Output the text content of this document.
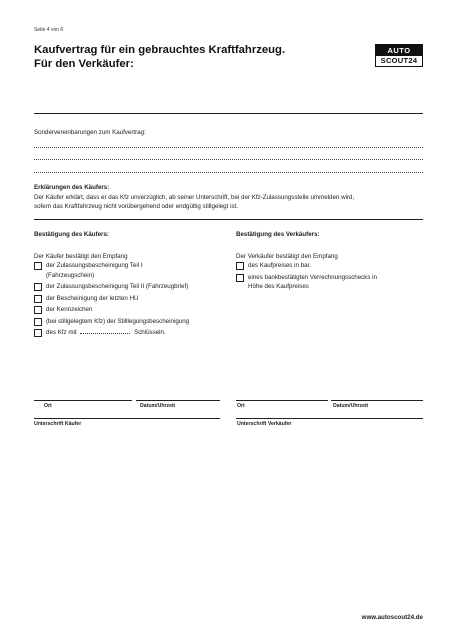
Seite 4 von 6
Kaufvertrag für ein gebrauchtes Kraftfahrzeug.
Für den Verkäufer:
AUTO
SCOUT24
Sondervereinbarungen zum Kaufvertrag:
Erklärungen des Käufers:
Der Käufer erklärt, dass er das Kfz unverzüglich, ab seiner Unterschrift, bei der Kfz-Zulassungsstelle ummelden wird,
sofern das Kraftfahrzeug nicht vorübergehend oder endgültig stillgelegt ist.
Bestätigung des Käufers:
Der Käufer bestätigt den Empfang
der Zulassungsbescheinigung Teil I
(Fahrzeugschein)
der Zulassungsbescheinigung Teil II (Fahrzeugbrief)
der Bescheinigung der letzten HU
der Kennzeichen
(bei stillgelegtem Kfz) der Stilllegungsbescheinigung
des Kfz mit	Schlüsseln.
Bestätigung des Verkäufers:
Der Verkäufer bestätigt den Empfang
des Kaufpreises in bar.
eines bankbestätigten Verrechnungsschecks in
Höhe des Kaufpreises
Ort	Datum/Uhrzeit	Ort	Datum/Uhrzeit
Unterschrift Käufer	Unterschrift Verkäufer
www.autoscout24.de
